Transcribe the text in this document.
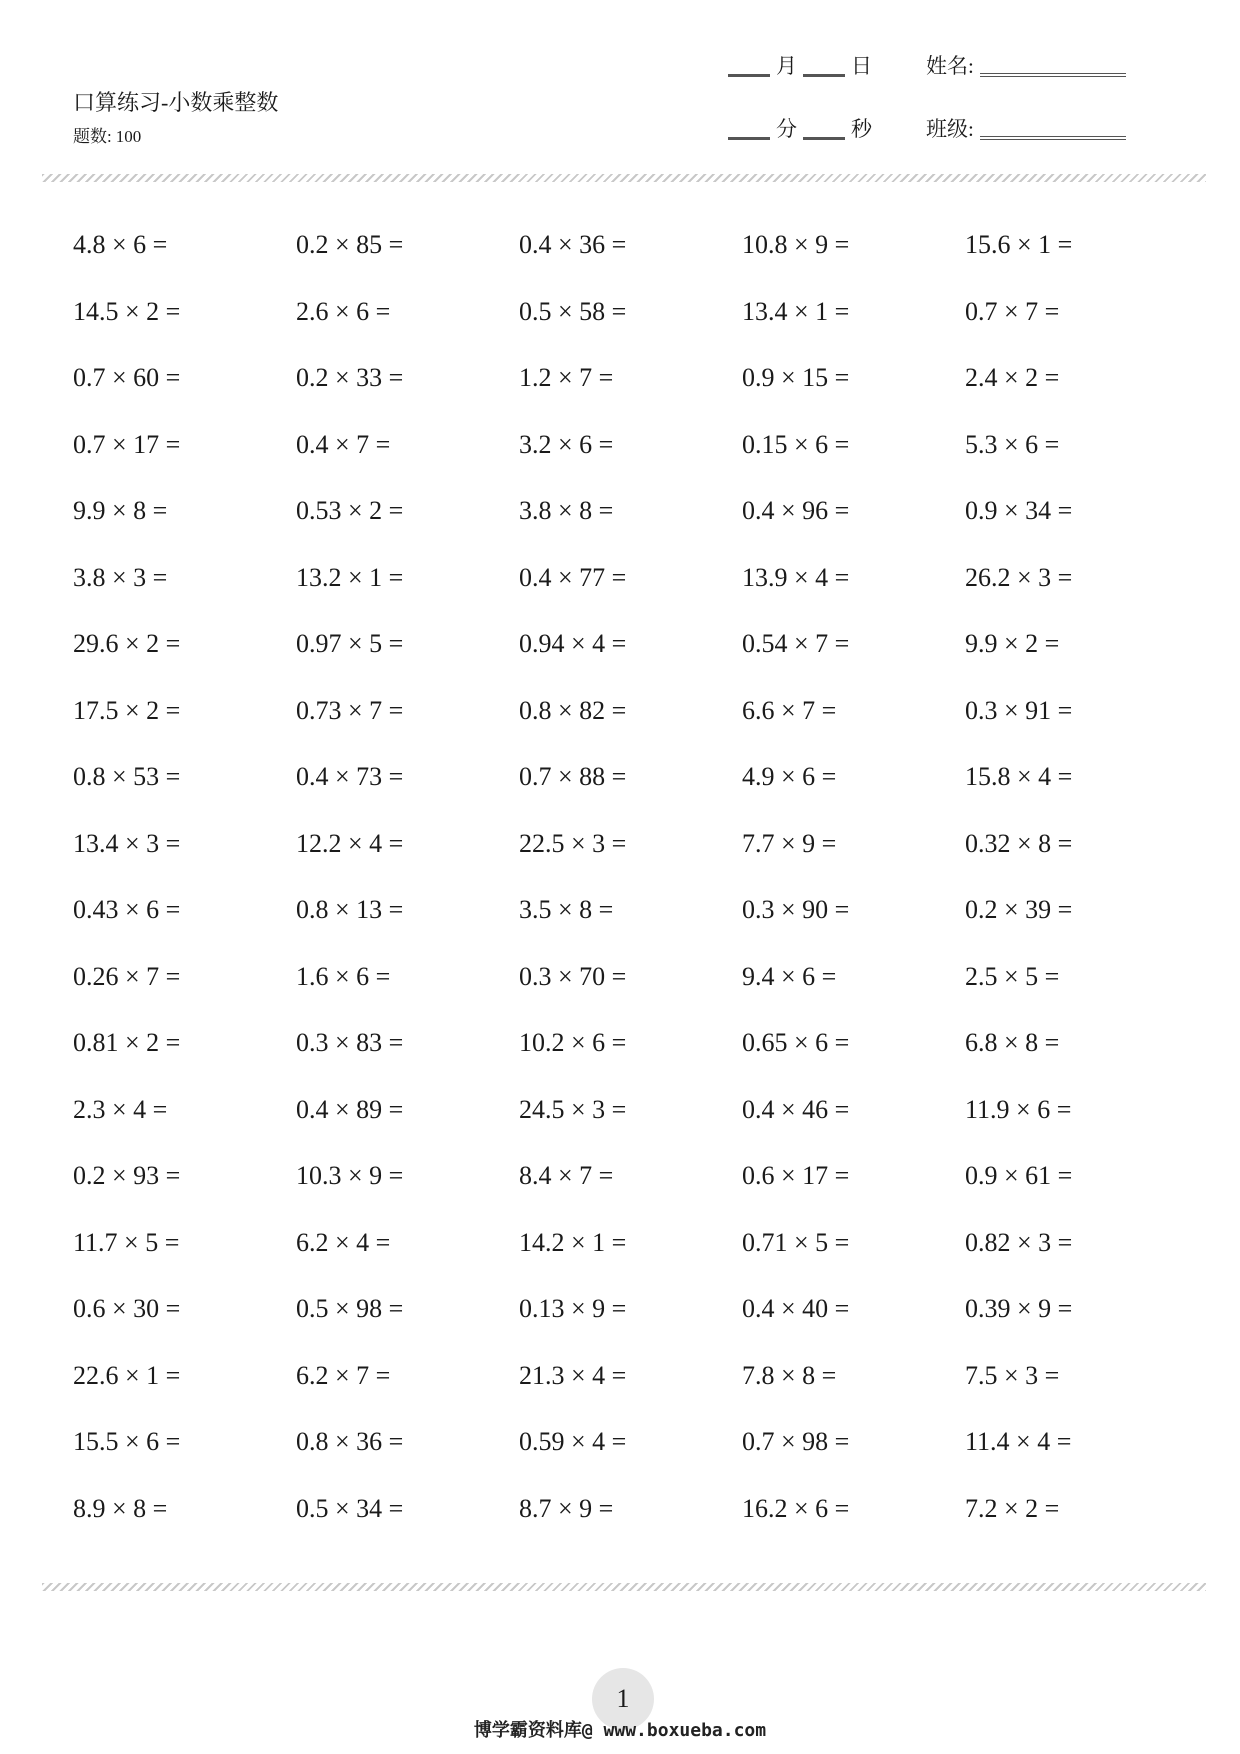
口算练习-小数乘整数
题数: 100
月	日	姓名:
分	秒	班级:
4.8 × 6 =	0.2 × 85 =	0.4 × 36 =	10.8 × 9 =	15.6 × 1 =
14.5 × 2 =	2.6 × 6 =	0.5 × 58 =	13.4 × 1 =	0.7 × 7 =
0.7 × 60 =	0.2 × 33 =	1.2 × 7 =	0.9 × 15 =	2.4 × 2 =
0.7 × 17 =	0.4 × 7 =	3.2 × 6 =	0.15 × 6 =	5.3 × 6 =
9.9 × 8 =	0.53 × 2 =	3.8 × 8 =	0.4 × 96 =	0.9 × 34 =
3.8 × 3 =	13.2 × 1 =	0.4 × 77 =	13.9 × 4 =	26.2 × 3 =
29.6 × 2 =	0.97 × 5 =	0.94 × 4 =	0.54 × 7 =	9.9 × 2 =
17.5 × 2 =	0.73 × 7 =	0.8 × 82 =	6.6 × 7 =	0.3 × 91 =
0.8 × 53 =	0.4 × 73 =	0.7 × 88 =	4.9 × 6 =	15.8 × 4 =
13.4 × 3 =	12.2 × 4 =	22.5 × 3 =	7.7 × 9 =	0.32 × 8 =
0.43 × 6 =	0.8 × 13 =	3.5 × 8 =	0.3 × 90 =	0.2 × 39 =
0.26 × 7 =	1.6 × 6 =	0.3 × 70 =	9.4 × 6 =	2.5 × 5 =
0.81 × 2 =	0.3 × 83 =	10.2 × 6 =	0.65 × 6 =	6.8 × 8 =
2.3 × 4 =	0.4 × 89 =	24.5 × 3 =	0.4 × 46 =	11.9 × 6 =
0.2 × 93 =	10.3 × 9 =	8.4 × 7 =	0.6 × 17 =	0.9 × 61 =
11.7 × 5 =	6.2 × 4 =	14.2 × 1 =	0.71 × 5 =	0.82 × 3 =
0.6 × 30 =	0.5 × 98 =	0.13 × 9 =	0.4 × 40 =	0.39 × 9 =
22.6 × 1 =	6.2 × 7 =	21.3 × 4 =	7.8 × 8 =	7.5 × 3 =
15.5 × 6 =	0.8 × 36 =	0.59 × 4 =	0.7 × 98 =	11.4 × 4 =
8.9 × 8 =	0.5 × 34 =	8.7 × 9 =	16.2 × 6 =	7.2 × 2 =
1
博学霸资料库@ www.boxueba.com
